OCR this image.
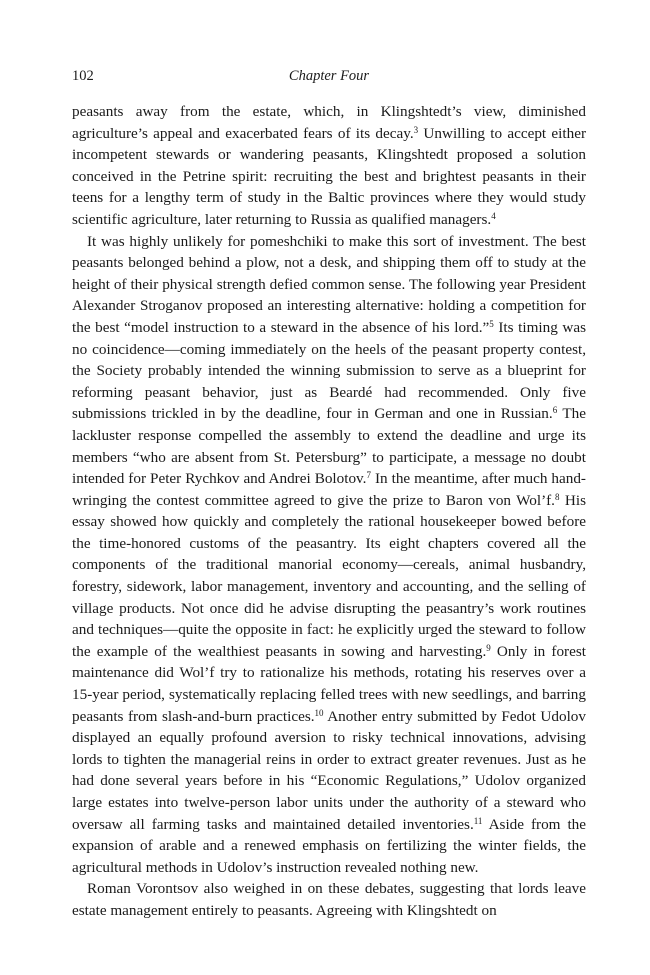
102	Chapter Four

peasants away from the estate, which, in Klingshtedt’s view, diminished agriculture’s appeal and exacerbated fears of its decay.$^3$ Unwilling to accept either incompetent stewards or wandering peasants, Klingshtedt proposed a solution conceived in the Petrine spirit: recruiting the best and brightest peasants in their teens for a lengthy term of study in the Baltic provinces where they would study scientific agriculture, later returning to Russia as qualified managers.$^4$

It was highly unlikely for pomeshchiki to make this sort of investment. The best peasants belonged behind a plow, not a desk, and shipping them off to study at the height of their physical strength defied common sense. The following year President Alexander Stroganov proposed an interesting alternative: holding a competition for the best “model instruction to a steward in the absence of his lord.”$^5$ Its timing was no coincidence—coming immediately on the heels of the peasant property contest, the Society probably intended the winning submission to serve as a blueprint for reforming peasant behavior, just as Beardé had recommended. Only five submissions trickled in by the deadline, four in German and one in Russian.$^6$ The lackluster response compelled the assembly to extend the deadline and urge its members “who are absent from St. Petersburg” to participate, a message no doubt intended for Peter Rychkov and Andrei Bolotov.$^7$ In the meantime, after much hand-wringing the contest committee agreed to give the prize to Baron von Wol’f.$^8$ His essay showed how quickly and completely the rational housekeeper bowed before the time-honored customs of the peasantry. Its eight chapters covered all the components of the traditional manorial economy—cereals, animal husbandry, forestry, sidework, labor management, inventory and accounting, and the selling of village products. Not once did he advise disrupting the peasantry’s work routines and techniques—quite the opposite in fact: he explicitly urged the steward to follow the example of the wealthiest peasants in sowing and harvesting.$^9$ Only in forest maintenance did Wol’f try to rationalize his methods, rotating his reserves over a 15-year period, systematically replacing felled trees with new seedlings, and barring peasants from slash-and-burn practices.$^{10}$ Another entry submitted by Fedot Udolov displayed an equally profound aversion to risky technical innovations, advising lords to tighten the managerial reins in order to extract greater revenues. Just as he had done several years before in his “Economic Regulations,” Udolov organized large estates into twelve-person labor units under the authority of a steward who oversaw all farming tasks and maintained detailed inventories.$^{11}$ Aside from the expansion of arable and a renewed emphasis on fertilizing the winter fields, the agricultural methods in Udolov’s instruction revealed nothing new.

Roman Vorontsov also weighed in on these debates, suggesting that lords leave estate management entirely to peasants. Agreeing with Klingshtedt on
